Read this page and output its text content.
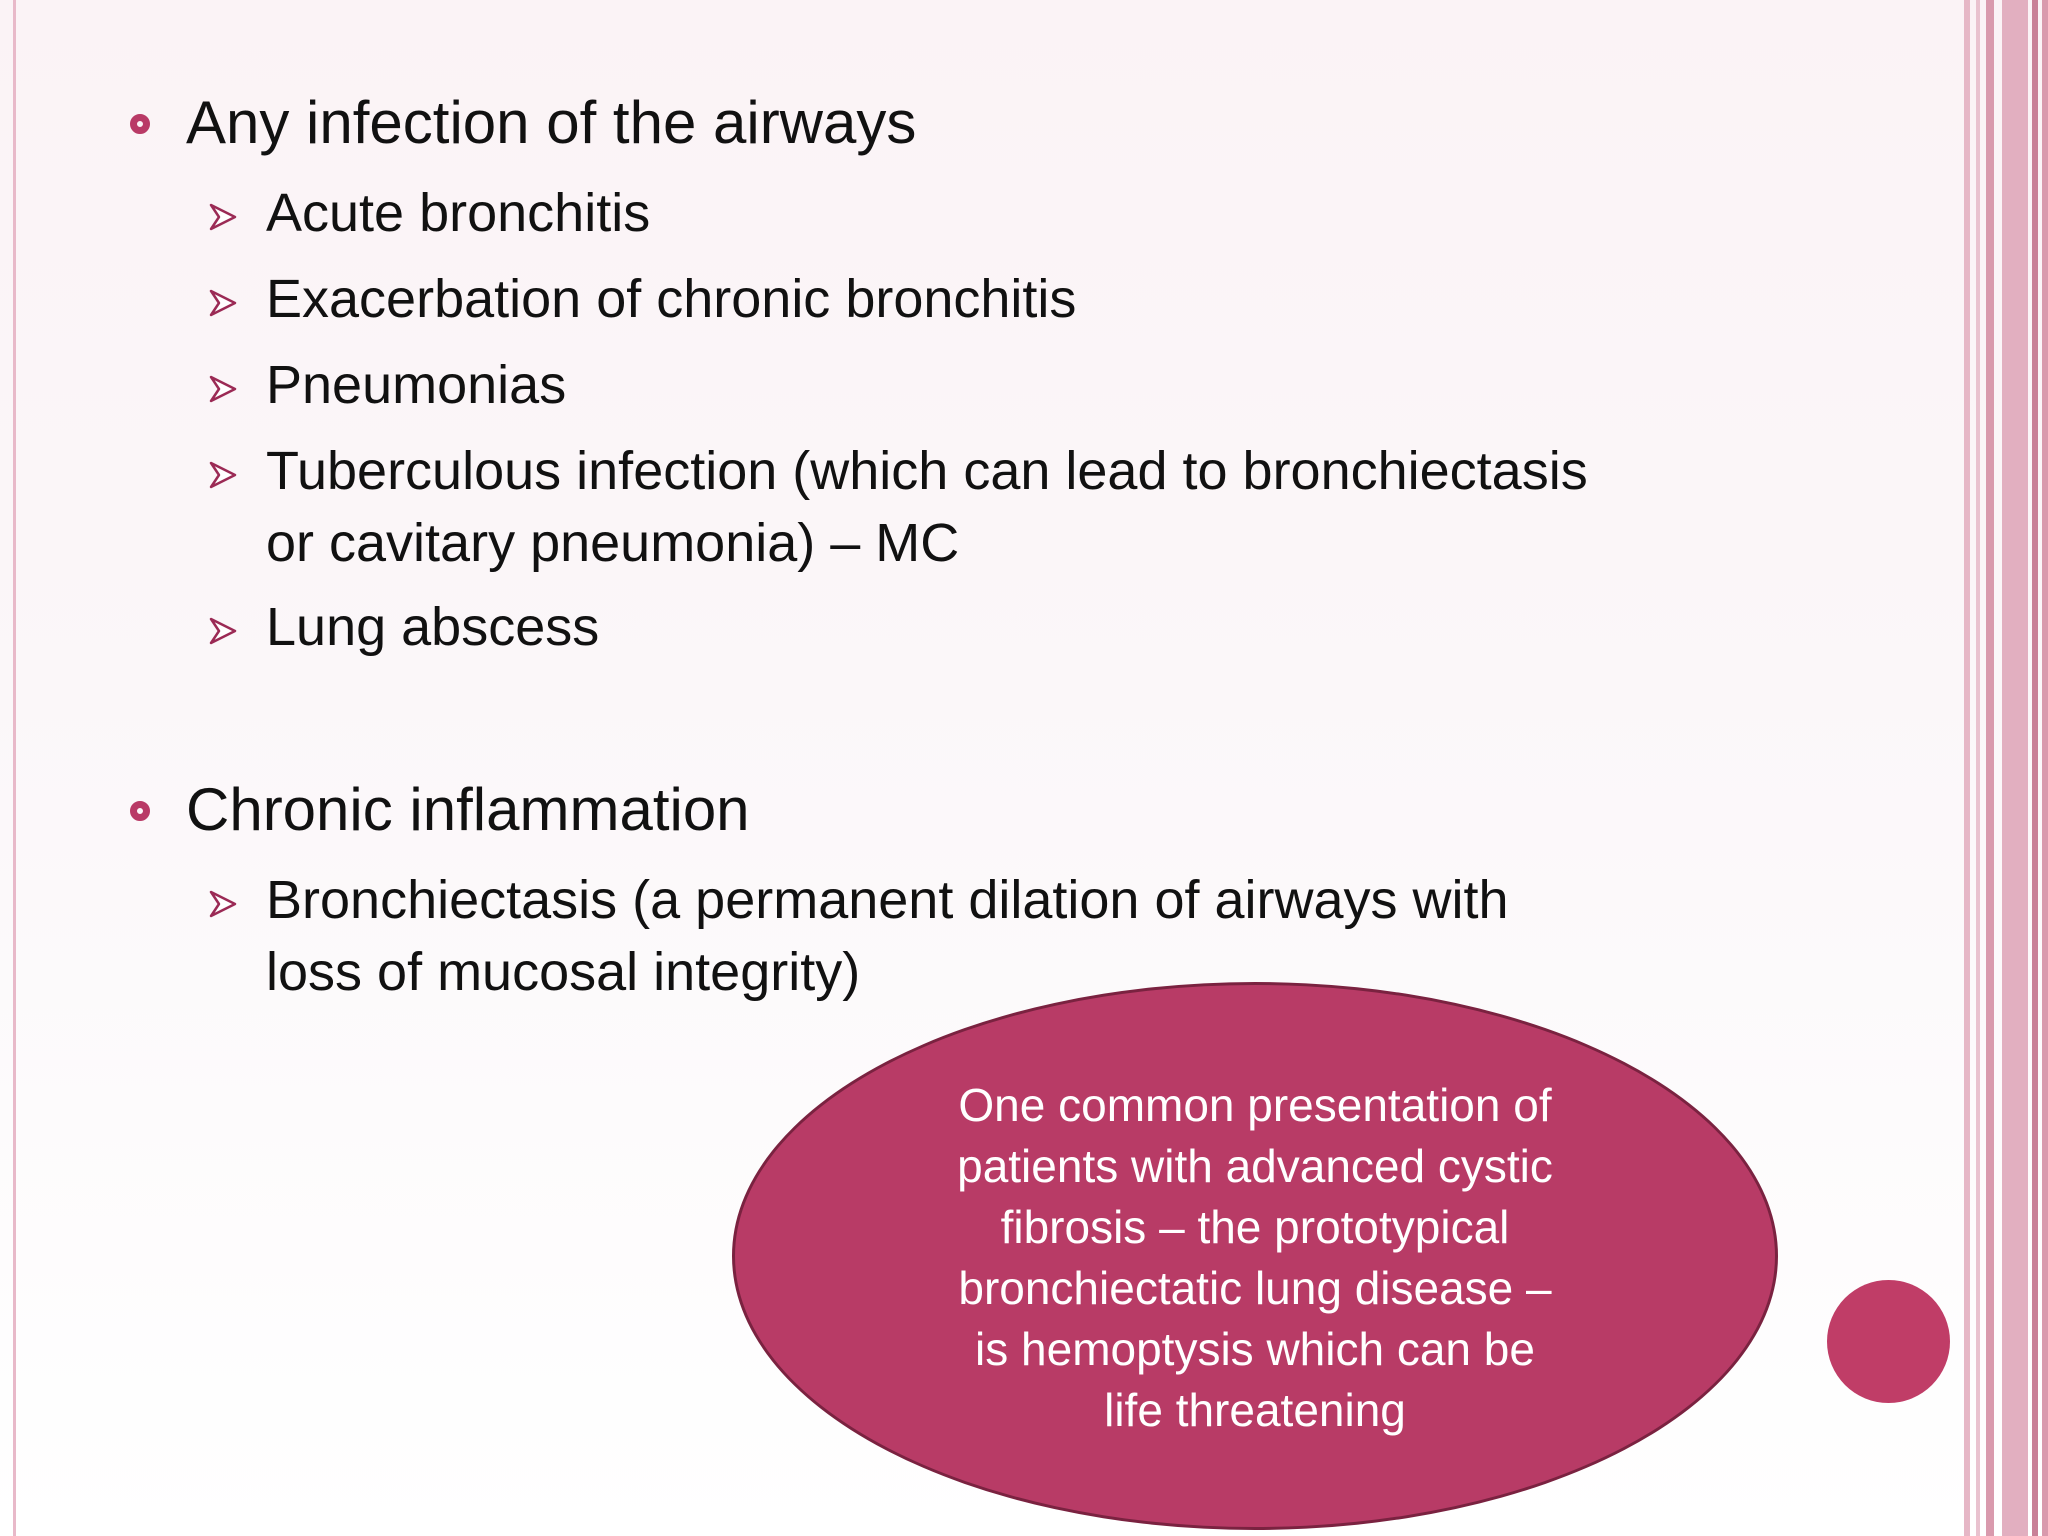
Any infection of the airways
Acute bronchitis
Exacerbation of chronic bronchitis
Pneumonias
Tuberculous infection (which can lead to bronchiectasis
or cavitary pneumonia) – MC
Lung abscess
Chronic inflammation
Bronchiectasis (a permanent dilation of airways with
loss of mucosal integrity)
One common presentation of
patients with advanced cystic
fibrosis – the prototypical
bronchiectatic lung disease –
is hemoptysis which can be
life threatening
